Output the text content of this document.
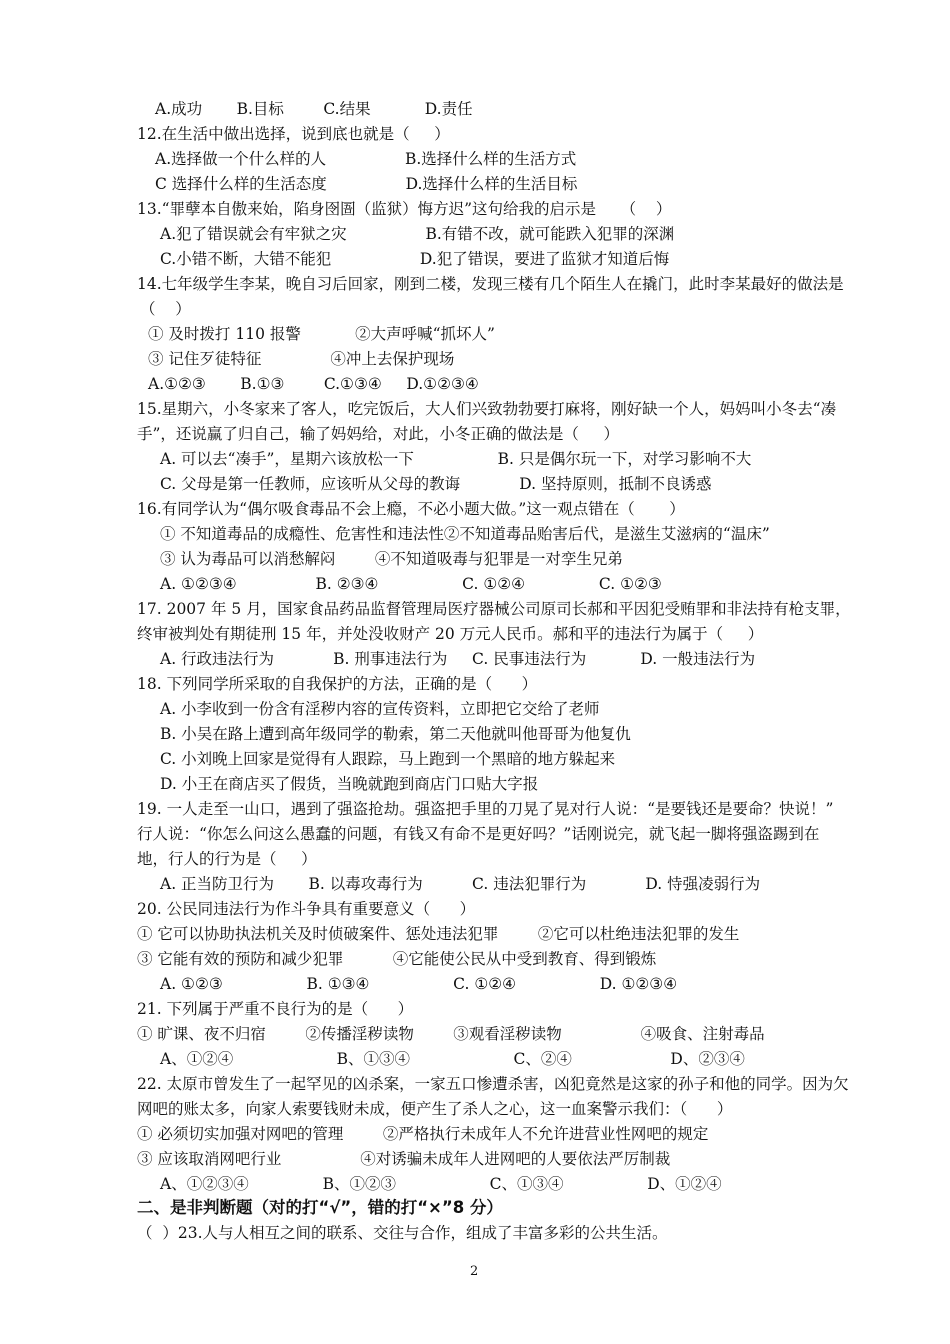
A.成功       B.目标        C.结果           D.责任
12.在生活中做出选择，说到底也就是（     ）
A.选择做一个什么样的人                B.选择什么样的生活方式
C 选择什么样的生活态度                D.选择什么样的生活目标
13.“罪孽本自傲来始，陷身囹圄（监狱）悔方迟”这句给我的启示是     （    ）
A.犯了错误就会有牢狱之灾                B.有错不改，就可能跌入犯罪的深渊
C.小错不断，大错不能犯                  D.犯了错误，要进了监狱才知道后悔
14.七年级学生李某，晚自习后回家，刚到二楼，发现三楼有几个陌生人在撬门，此时李某最好的做法是
（    ）
① 及时拨打 110 报警           ②大声呼喊“抓坏人”
③ 记住歹徒特征              ④冲上去保护现场
A.①②③       B.①③        C.①③④     D.①②③④
15.星期六，小冬家来了客人，吃完饭后，大人们兴致勃勃要打麻将，刚好缺一个人，妈妈叫小冬去“凑
手”，还说赢了归自己，输了妈妈给，对此，小冬正确的做法是（     ）
A. 可以去“凑手”，星期六该放松一下                 B. 只是偶尔玩一下，对学习影响不大
C. 父母是第一任教师，应该听从父母的教诲            D. 坚持原则，抵制不良诱惑
16.有同学认为“偶尔吸食毒品不会上瘾，不必小题大做。”这一观点错在（       ）
① 不知道毒品的成瘾性、危害性和违法性②不知道毒品贻害后代，是滋生艾滋病的“温床”
③ 认为毒品可以消愁解闷        ④不知道吸毒与犯罪是一对孪生兄弟
A. ①②③④                B. ②③④                 C. ①②④               C. ①②③
17. 2007 年 5 月，国家食品药品监督管理局医疗器械公司原司长郝和平因犯受贿罪和非法持有枪支罪，
终审被判处有期徒刑 15 年，并处没收财产 20 万元人民币。郝和平的违法行为属于（     ）
A. 行政违法行为            B. 刑事违法行为     C. 民事违法行为           D. 一般违法行为
18. 下列同学所采取的自我保护的方法，正确的是（      ）
A. 小李收到一份含有淫秽内容的宣传资料，立即把它交给了老师
B. 小吴在路上遭到高年级同学的勒索，第二天他就叫他哥哥为他复仇
C. 小刘晚上回家是觉得有人跟踪，马上跑到一个黑暗的地方躲起来
D. 小王在商店买了假货，当晚就跑到商店门口贴大字报
19. 一人走至一山口，遇到了强盗抢劫。强盗把手里的刀晃了晃对行人说：“是要钱还是要命？快说！”
行人说：“你怎么问这么愚蠢的问题，有钱又有命不是更好吗？”话刚说完，就飞起一脚将强盗踢到在
地，行人的行为是（     ）
A. 正当防卫行为       B. 以毒攻毒行为          C. 违法犯罪行为            D. 恃强凌弱行为
20. 公民同违法行为作斗争具有重要意义（      ）
① 它可以协助执法机关及时侦破案件、惩处违法犯罪        ②它可以杜绝违法犯罪的发生
③ 它能有效的预防和减少犯罪          ④它能使公民从中受到教育、得到锻炼
A. ①②③                 B. ①③④                 C. ①②④                 D. ①②③④
21. 下列属于严重不良行为的是（      ）
① 旷课、夜不归宿        ②传播淫秽读物        ③观看淫秽读物                ④吸食、注射毒品
A、①②④                     B、①③④                     C、②④                    D、②③④
22. 太原市曾发生了一起罕见的凶杀案，一家五口惨遭杀害，凶犯竟然是这家的孙子和他的同学。因为欠
网吧的账太多，向家人索要钱财未成，便产生了杀人之心，这一血案警示我们：（      ）
① 必须切实加强对网吧的管理        ②严格执行未成年人不允许进营业性网吧的规定
③ 应该取消网吧行业                ④对诱骗未成年人进网吧的人要依法严厉制裁
A、①②③④               B、①②③                   C、①③④                 D、①②④
二、是非判断题（对的打“√”，错的打“×”8 分）
（  ）23.人与人相互之间的联系、交往与合作，组成了丰富多彩的公共生活。
2
